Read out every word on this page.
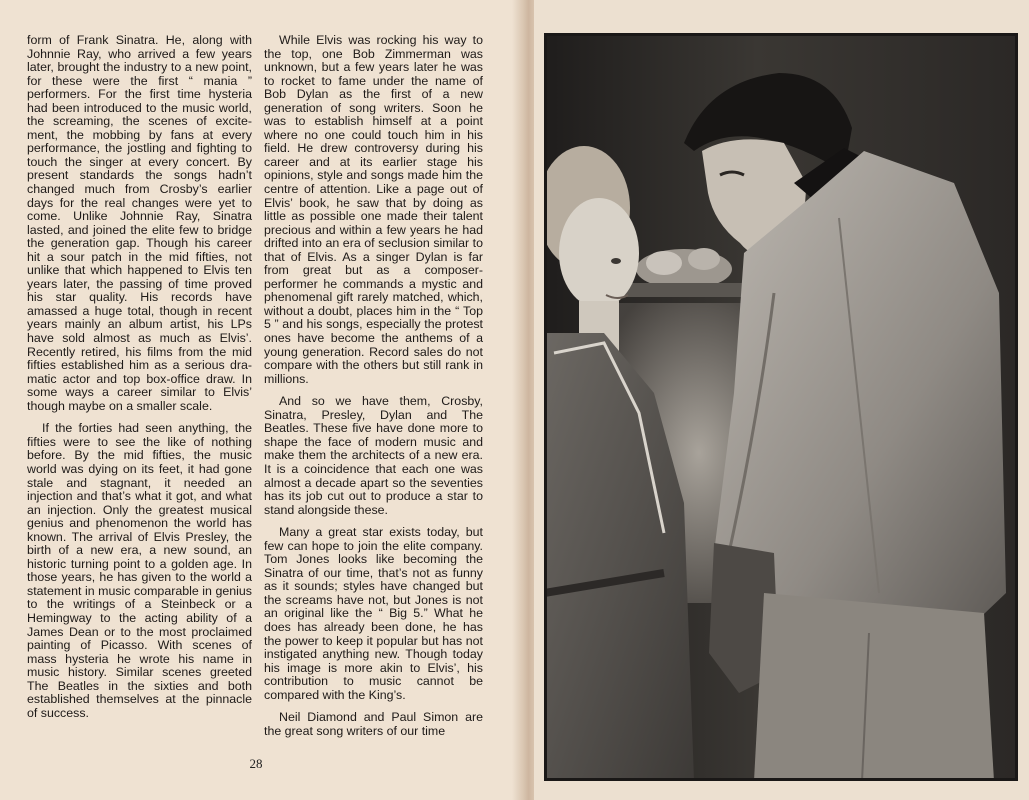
form of Frank Sinatra. He, along with Johnnie Ray, who arrived a few years later, brought the industry to a new point, for these were the first “ mania ” performers. For the first time hysteria had been introduced to the music world, the screaming, the scenes of excitement, the mobbing by fans at every performance, the jostling and fighting to touch the singer at every concert. By present standards the songs hadn’t changed much from Crosby’s earlier days for the real changes were yet to come. Unlike Johnnie Ray, Sinatra lasted, and joined the elite few to bridge the generation gap. Though his career hit a sour patch in the mid fifties, not unlike that which happened to Elvis ten years later, the passing of time proved his star quality. His records have amassed a huge total, though in recent years mainly an album artist, his LPs have sold almost as much as Elvis’. Recently retired, his films from the mid fifties established him as a serious dramatic actor and top box-office draw. In some ways a career similar to Elvis’ though maybe on a smaller scale.

If the forties had seen anything, the fifties were to see the like of nothing before. By the mid fifties, the music world was dying on its feet, it had gone stale and stagnant, it needed an injection and that’s what it got, and what an injection. Only the greatest musical genius and phenomenon the world has known. The arrival of Elvis Presley, the birth of a new era, a new sound, an historic turning point to a golden age. In those years, he has given to the world a statement in music comparable in genius to the writings of a Steinbeck or a Hemingway to the acting ability of a James Dean or to the most proclaimed painting of Picasso. With scenes of mass hysteria he wrote his name in music history. Similar scenes greeted The Beatles in the sixties and both established themselves at the pinnacle of success.

While Elvis was rocking his way to the top, one Bob Zimmerman was unknown, but a few years later he was to rocket to fame under the name of Bob Dylan as the first of a new generation of song writers. Soon he was to establish himself at a point where no one could touch him in his field. He drew controversy during his career and at its earlier stage his opinions, style and songs made him the centre of attention. Like a page out of Elvis’ book, he saw that by doing as little as possible one made their talent precious and within a few years he had drifted into an era of seclusion similar to that of Elvis. As a singer Dylan is far from great but as a composer-performer he commands a mystic and phenomenal gift rarely matched, which, without a doubt, places him in the “ Top 5 ” and his songs, especially the protest ones have become the anthems of a young generation. Record sales do not compare with the others but still rank in millions.

And so we have them, Crosby, Sinatra, Presley, Dylan and The Beatles. These five have done more to shape the face of modern music and make them the architects of a new era. It is a coincidence that each one was almost a decade apart so the seventies has its job cut out to produce a star to stand alongside these.

Many a great star exists today, but few can hope to join the elite company. Tom Jones looks like becoming the Sinatra of our time, that’s not as funny as it sounds; styles have changed but the screams have not, but Jones is not an original like the “ Big 5.” What he does has already been done, he has the power to keep it popular but has not instigated anything new. Though today his image is more akin to Elvis’, his contribution to music cannot be compared with the King’s.

Neil Diamond and Paul Simon are the great song writers of our time

28
